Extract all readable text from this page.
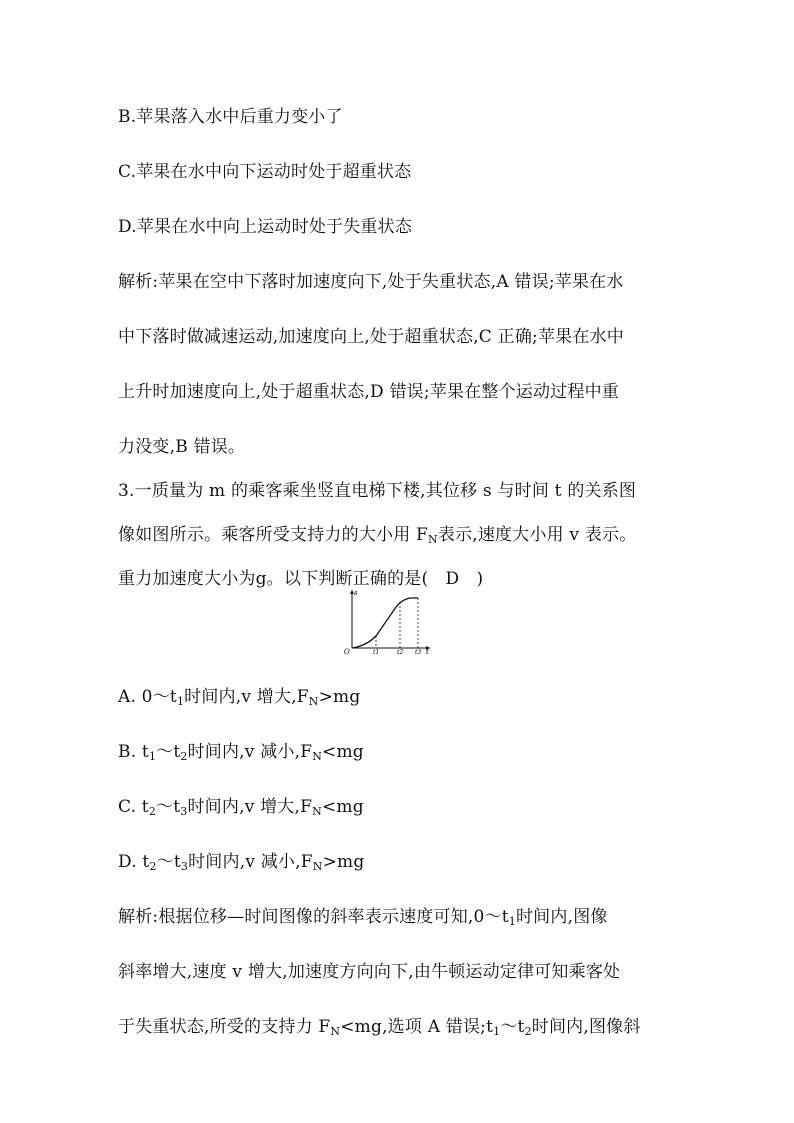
B.苹果落入水中后重力变小了
C.苹果在水中向下运动时处于超重状态
D.苹果在水中向上运动时处于失重状态
解析:苹果在空中下落时加速度向下,处于失重状态,A 错误;苹果在水
中下落时做减速运动,加速度向上,处于超重状态,C 正确;苹果在水中
上升时加速度向上,处于超重状态,D 错误;苹果在整个运动过程中重
力没变,B 错误。
3.一质量为 m 的乘客乘坐竖直电梯下楼,其位移 s 与时间 t 的关系图
像如图所示。乘客所受支持力的大小用 $F_N$表示,速度大小用 v 表示。
重力加速度大小为g。以下判断正确的是(　D　)
s
O	t1	t2 t3 t
A. $0\sim t_1$时间内,v 增大$,F_N>mg$
B. $t_1\sim t_2$时间内,v 减小$,F_N<mg$
C. $t_2\sim t_3$时间内,v 增大$,F_N<mg$
D. $t_2\sim t_3$时间内,v 减小$,F_N>mg$
解析:根据位移—时间图像的斜率表示速度可知$,0\sim t_1$时间内,图像
斜率增大,速度 v 增大,加速度方向向下,由牛顿运动定律可知乘客处
于失重状态,所受的支持力 $F_N<mg$,选项 A 错误$;t_1\sim t_2$时间内,图像斜
